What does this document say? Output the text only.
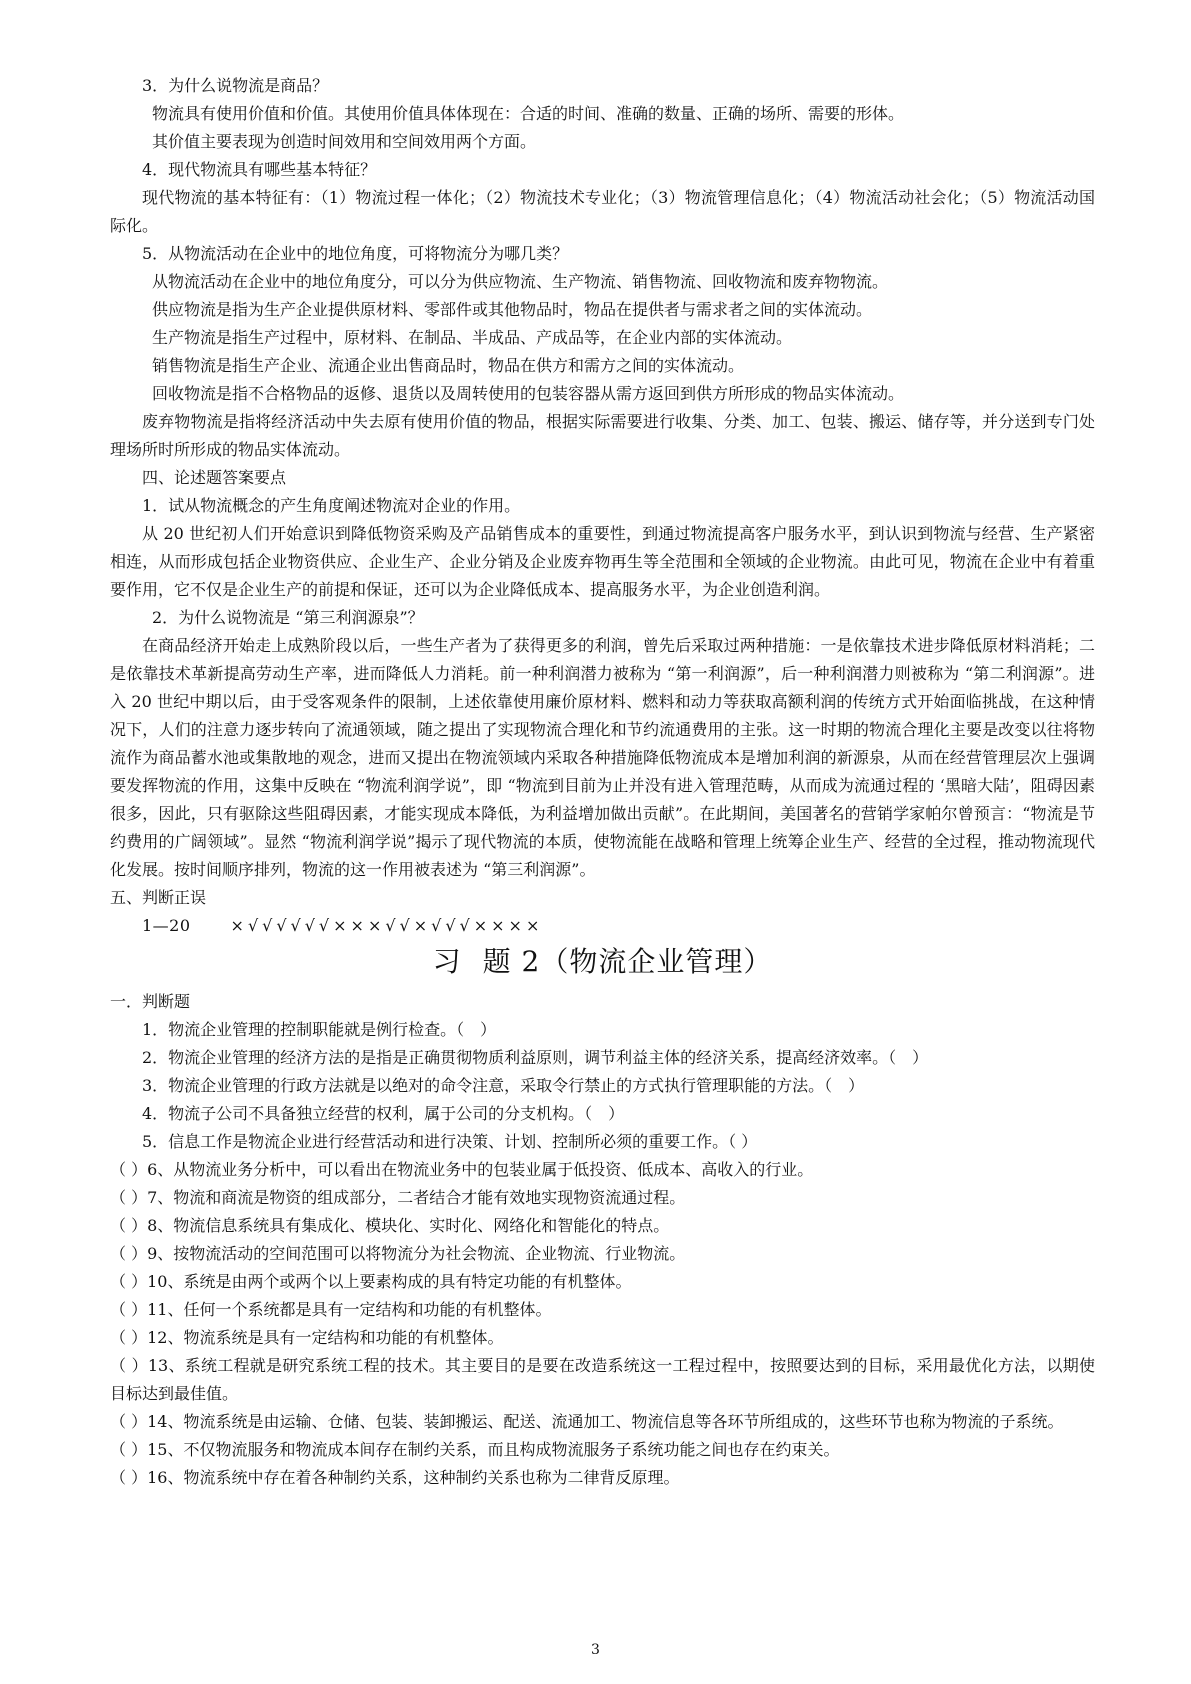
3．为什么说物流是商品？

物流具有使用价值和价值。其使用价值具体体现在：合适的时间、准确的数量、正确的场所、需要的形体。

其价值主要表现为创造时间效用和空间效用两个方面。

4．现代物流具有哪些基本特征？

现代物流的基本特征有：（1）物流过程一体化；（2）物流技术专业化；（3）物流管理信息化；（4）物流活动社会化；（5）物流活动国际化。

5．从物流活动在企业中的地位角度，可将物流分为哪几类？

从物流活动在企业中的地位角度分，可以分为供应物流、生产物流、销售物流、回收物流和废弃物物流。

供应物流是指为生产企业提供原材料、零部件或其他物品时，物品在提供者与需求者之间的实体流动。

生产物流是指生产过程中，原材料、在制品、半成品、产成品等，在企业内部的实体流动。

销售物流是指生产企业、流通企业出售商品时，物品在供方和需方之间的实体流动。

回收物流是指不合格物品的返修、退货以及周转使用的包装容器从需方返回到供方所形成的物品实体流动。

废弃物物流是指将经济活动中失去原有使用价值的物品，根据实际需要进行收集、分类、加工、包装、搬运、储存等，并分送到专门处理场所时所形成的物品实体流动。

四、论述题答案要点

1．试从物流概念的产生角度阐述物流对企业的作用。

从 20 世纪初人们开始意识到降低物资采购及产品销售成本的重要性，到通过物流提高客户服务水平，到认识到物流与经营、生产紧密相连，从而形成包括企业物资供应、企业生产、企业分销及企业废弃物再生等全范围和全领域的企业物流。由此可见，物流在企业中有着重要作用，它不仅是企业生产的前提和保证，还可以为企业降低成本、提高服务水平，为企业创造利润。

2．为什么说物流是 “第三利润源泉”？

在商品经济开始走上成熟阶段以后，一些生产者为了获得更多的利润，曾先后采取过两种措施：一是依靠技术进步降低原材料消耗；二是依靠技术革新提高劳动生产率，进而降低人力消耗。前一种利润潜力被称为 “第一利润源”，后一种利润潜力则被称为 “第二利润源”。进入 20 世纪中期以后，由于受客观条件的限制，上述依靠使用廉价原材料、燃料和动力等获取高额利润的传统方式开始面临挑战，在这种情况下，人们的注意力逐步转向了流通领域，随之提出了实现物流合理化和节约流通费用的主张。这一时期的物流合理化主要是改变以往将物流作为商品蓄水池或集散地的观念，进而又提出在物流领域内采取各种措施降低物流成本是增加利润的新源泉，从而在经营管理层次上强调要发挥物流的作用，这集中反映在 “物流利润学说”，即 “物流到目前为止并没有进入管理范畴，从而成为流通过程的 ‘黑暗大陆’，阻碍因素很多，因此，只有驱除这些阻碍因素，才能实现成本降低，为利益增加做出贡献”。在此期间，美国著名的营销学家帕尔曾预言：“物流是节约费用的广阔领域”。显然 “物流利润学说”揭示了现代物流的本质，使物流能在战略和管理上统筹企业生产、经营的全过程，推动物流现代化发展。按时间顺序排列，物流的这一作用被表述为 “第三利润源”。

五、判断正误

1—20	×√√√√√√×××√√×√√√××××

习题 2（物流企业管理）

一．判断题

1．物流企业管理的控制职能就是例行检查。（　）

2．物流企业管理的经济方法的是指是正确贯彻物质利益原则，调节利益主体的经济关系，提高经济效率。（　）

3．物流企业管理的行政方法就是以绝对的命令注意，采取令行禁止的方式执行管理职能的方法。（　）

4．物流子公司不具备独立经营的权利，属于公司的分支机构。（　）

5．信息工作是物流企业进行经营活动和进行决策、计划、控制所必须的重要工作。（ ）

（ ）6、从物流业务分析中，可以看出在物流业务中的包装业属于低投资、低成本、高收入的行业。

（ ）7、物流和商流是物资的组成部分，二者结合才能有效地实现物资流通过程。

（ ）8、物流信息系统具有集成化、模块化、实时化、网络化和智能化的特点。

（ ）9、按物流活动的空间范围可以将物流分为社会物流、企业物流、行业物流。

（ ）10、系统是由两个或两个以上要素构成的具有特定功能的有机整体。

（ ）11、任何一个系统都是具有一定结构和功能的有机整体。

（ ）12、物流系统是具有一定结构和功能的有机整体。

（ ）13、系统工程就是研究系统工程的技术。其主要目的是要在改造系统这一工程过程中，按照要达到的目标，采用最优化方法，以期使目标达到最佳值。

（ ）14、物流系统是由运输、仓储、包装、装卸搬运、配送、流通加工、物流信息等各环节所组成的，这些环节也称为物流的子系统。

（ ）15、不仅物流服务和物流成本间存在制约关系，而且构成物流服务子系统功能之间也存在约束关。

（ ）16、物流系统中存在着各种制约关系，这种制约关系也称为二律背反原理。

3
